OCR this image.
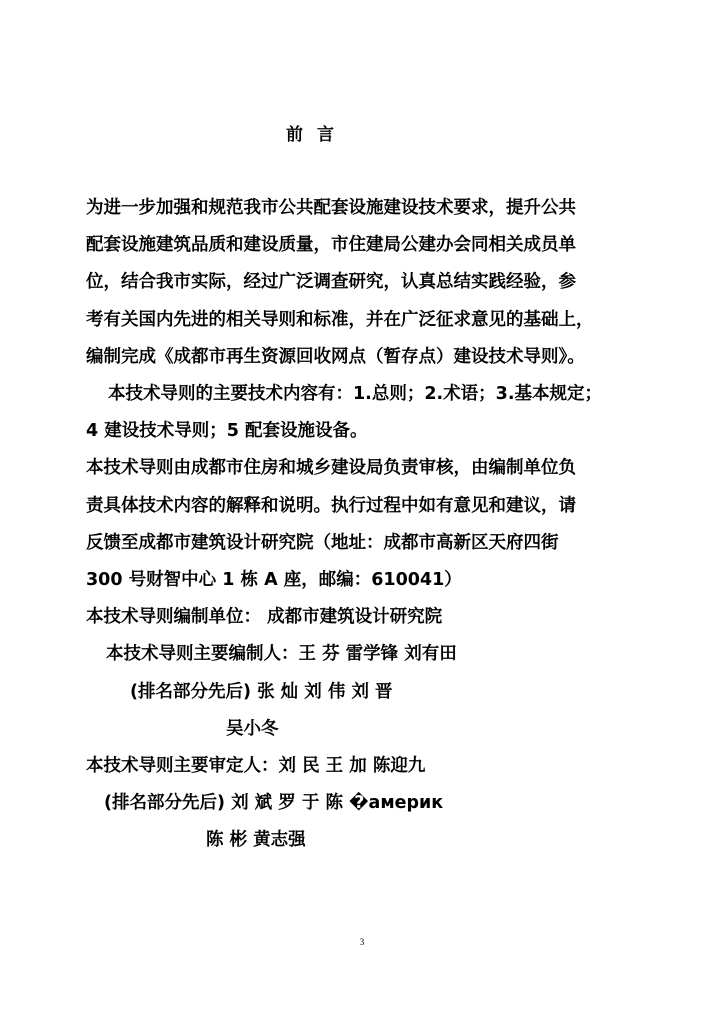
前 言
为进一步加强和规范我市公共配套设施建设技术要求，提升公共
配套设施建筑品质和建设质量，市住建局公建办会同相关成员单
位，结合我市实际，经过广泛调查研究，认真总结实践经验，参
考有关国内先进的相关导则和标准，并在广泛征求意见的基础上，
编制完成《成都市再生资源回收网点（暂存点）建设技术导则》。
本技术导则的主要技术内容有：1.总则；2.术语；3.基本规定；
4 建设技术导则；5 配套设施设备。
本技术导则由成都市住房和城乡建设局负责审核，由编制单位负
责具体技术内容的解释和说明。执行过程中如有意见和建议，请
反馈至成都市建筑设计研究院（地址：成都市高新区天府四街
300 号财智中心 1 栋 A 座，邮编：610041）
本技术导则编制单位： 成都市建筑设计研究院
本技术导则主要编制人：王 芬 雷学锋 刘有田
(排名部分先后) 张 灿 刘 伟 刘 晋
吴小冬
本技术导则主要审定人：刘 民 王 加 陈迎九
(排名部分先后) 刘 斌 罗 于 陈 �америк
陈 彬 黄志强
3
